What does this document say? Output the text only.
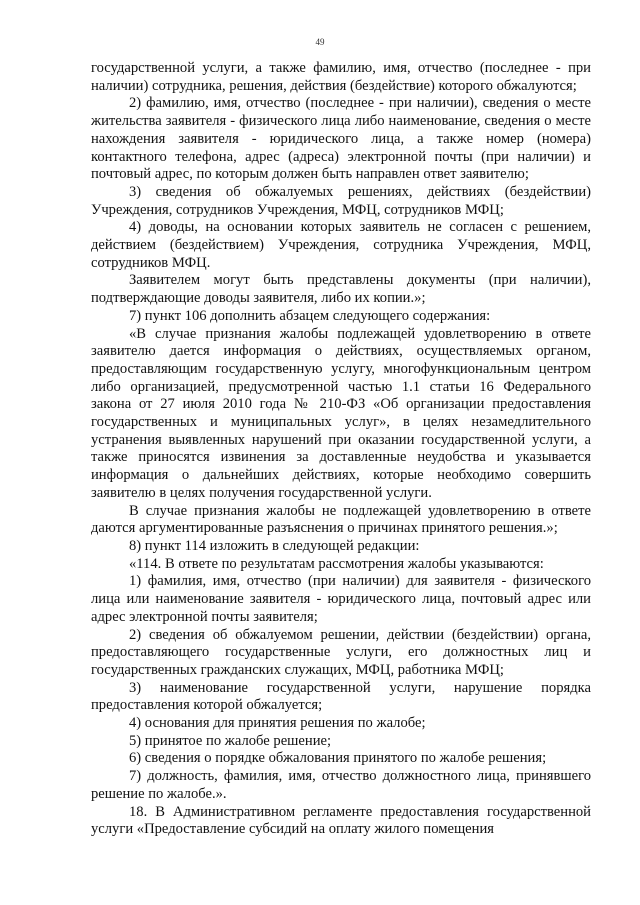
49

государственной услуги, а также фамилию, имя, отчество (последнее - при наличии) сотрудника, решения, действия (бездействие) которого обжалуются;

2) фамилию, имя, отчество (последнее - при наличии), сведения о месте жительства заявителя - физического лица либо наименование, сведения о месте нахождения заявителя - юридического лица, а также номер (номера) контактного телефона, адрес (адреса) электронной почты (при наличии) и почтовый адрес, по которым должен быть направлен ответ заявителю;

3) сведения об обжалуемых решениях, действиях (бездействии) Учреждения, сотрудников Учреждения, МФЦ, сотрудников МФЦ;

4) доводы, на основании которых заявитель не согласен с решением, действием (бездействием) Учреждения, сотрудника Учреждения, МФЦ, сотрудников МФЦ.

Заявителем могут быть представлены документы (при наличии), подтверждающие доводы заявителя, либо их копии.»;

7) пункт 106 дополнить абзацем следующего содержания:

«В случае признания жалобы подлежащей удовлетворению в ответе заявителю дается информация о действиях, осуществляемых органом, предоставляющим государственную услугу, многофункциональным центром либо организацией, предусмотренной частью 1.1 статьи 16 Федерального закона от 27 июля 2010 года № 210-ФЗ «Об организации предоставления государственных и муниципальных услуг», в целях незамедлительного устранения выявленных нарушений при оказании государственной услуги, а также приносятся извинения за доставленные неудобства и указывается информация о дальнейших действиях, которые необходимо совершить заявителю в целях получения государственной услуги.

В случае признания жалобы не подлежащей удовлетворению в ответе даются аргументированные разъяснения о причинах принятого решения.»;

8) пункт 114 изложить в следующей редакции:

«114. В ответе по результатам рассмотрения жалобы указываются:

1) фамилия, имя, отчество (при наличии) для заявителя - физического лица или наименование заявителя - юридического лица, почтовый адрес или адрес электронной почты заявителя;

2) сведения об обжалуемом решении, действии (бездействии) органа, предоставляющего государственные услуги, его должностных лиц и государственных гражданских служащих, МФЦ, работника МФЦ;

3) наименование государственной услуги, нарушение порядка предоставления которой обжалуется;

4) основания для принятия решения по жалобе;

5) принятое по жалобе решение;

6) сведения о порядке обжалования принятого по жалобе решения;

7) должность, фамилия, имя, отчество должностного лица, принявшего решение по жалобе.».

18. В Административном регламенте предоставления государственной услуги «Предоставление субсидий на оплату жилого помещения
